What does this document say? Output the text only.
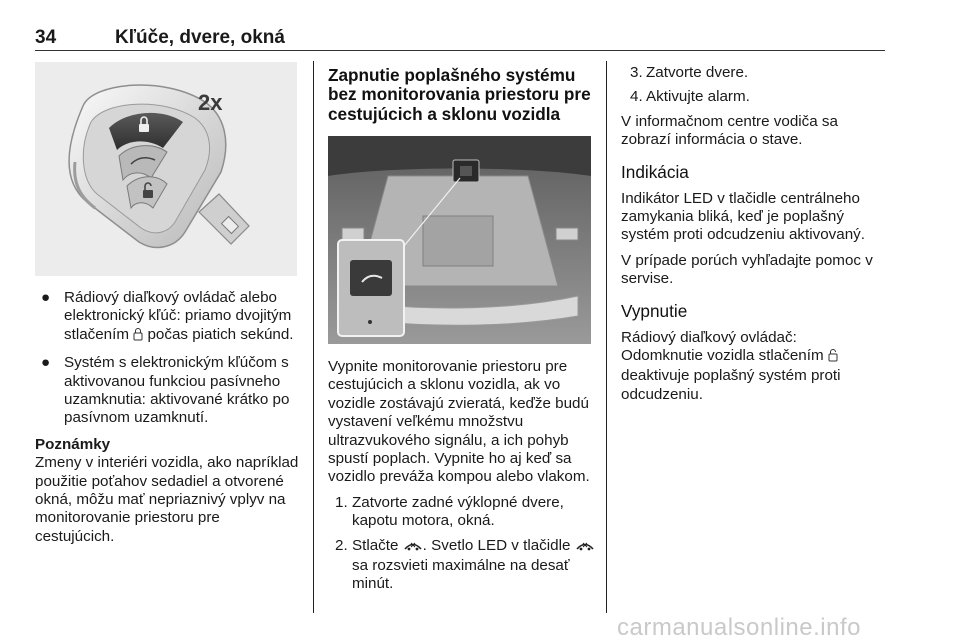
34	Kľúče, dvere, okná
2x
● Rádiový diaľkový ovládač alebo elektronický kľúč: priamo dvojitým stlačením počas piatich sekúnd.
● Systém s elektronickým kľúčom s aktivovanou funkciou pasívneho uzamknutia: aktivované krátko po pasívnom uzamknutí.
Poznámky
Zmeny v interiéri vozidla, ako napríklad použitie poťahov sedadiel a otvorené okná, môžu mať nepriaznivý vplyv na monitorovanie priestoru pre cestujúcich.
Zapnutie poplašného systému bez monitorovania priestoru pre cestujúcich a sklonu vozidla

Vypnite monitorovanie priestoru pre cestujúcich a sklonu vozidla, ak vo vozidle zostávajú zvieratá, keďže budú vystavení veľkému množstvu ultrazvukového signálu, a ich pohyb spustí poplach. Vypnite ho aj keď sa vozidlo preváža kompou alebo vlakom.

1. Zatvorte zadné výklopné dvere, kapotu motora, okná.
2. Stlačte . Svetlo LED v tlačidle  sa rozsvieti maximálne na desať minút.
3. Zatvorte dvere.
4. Aktivujte alarm.

V informačnom centre vodiča sa zobrazí informácia o stave.

Indikácia

Indikátor LED v tlačidle centrálneho zamykania bliká, keď je poplašný systém proti odcudzeniu aktivovaný.

V prípade porúch vyhľadajte pomoc v servise.

Vypnutie
Rádiový diaľkový ovládač:
Odomknutie vozidla stlačením  deaktivuje poplašný systém proti odcudzeniu.
carmanualsonline.info
